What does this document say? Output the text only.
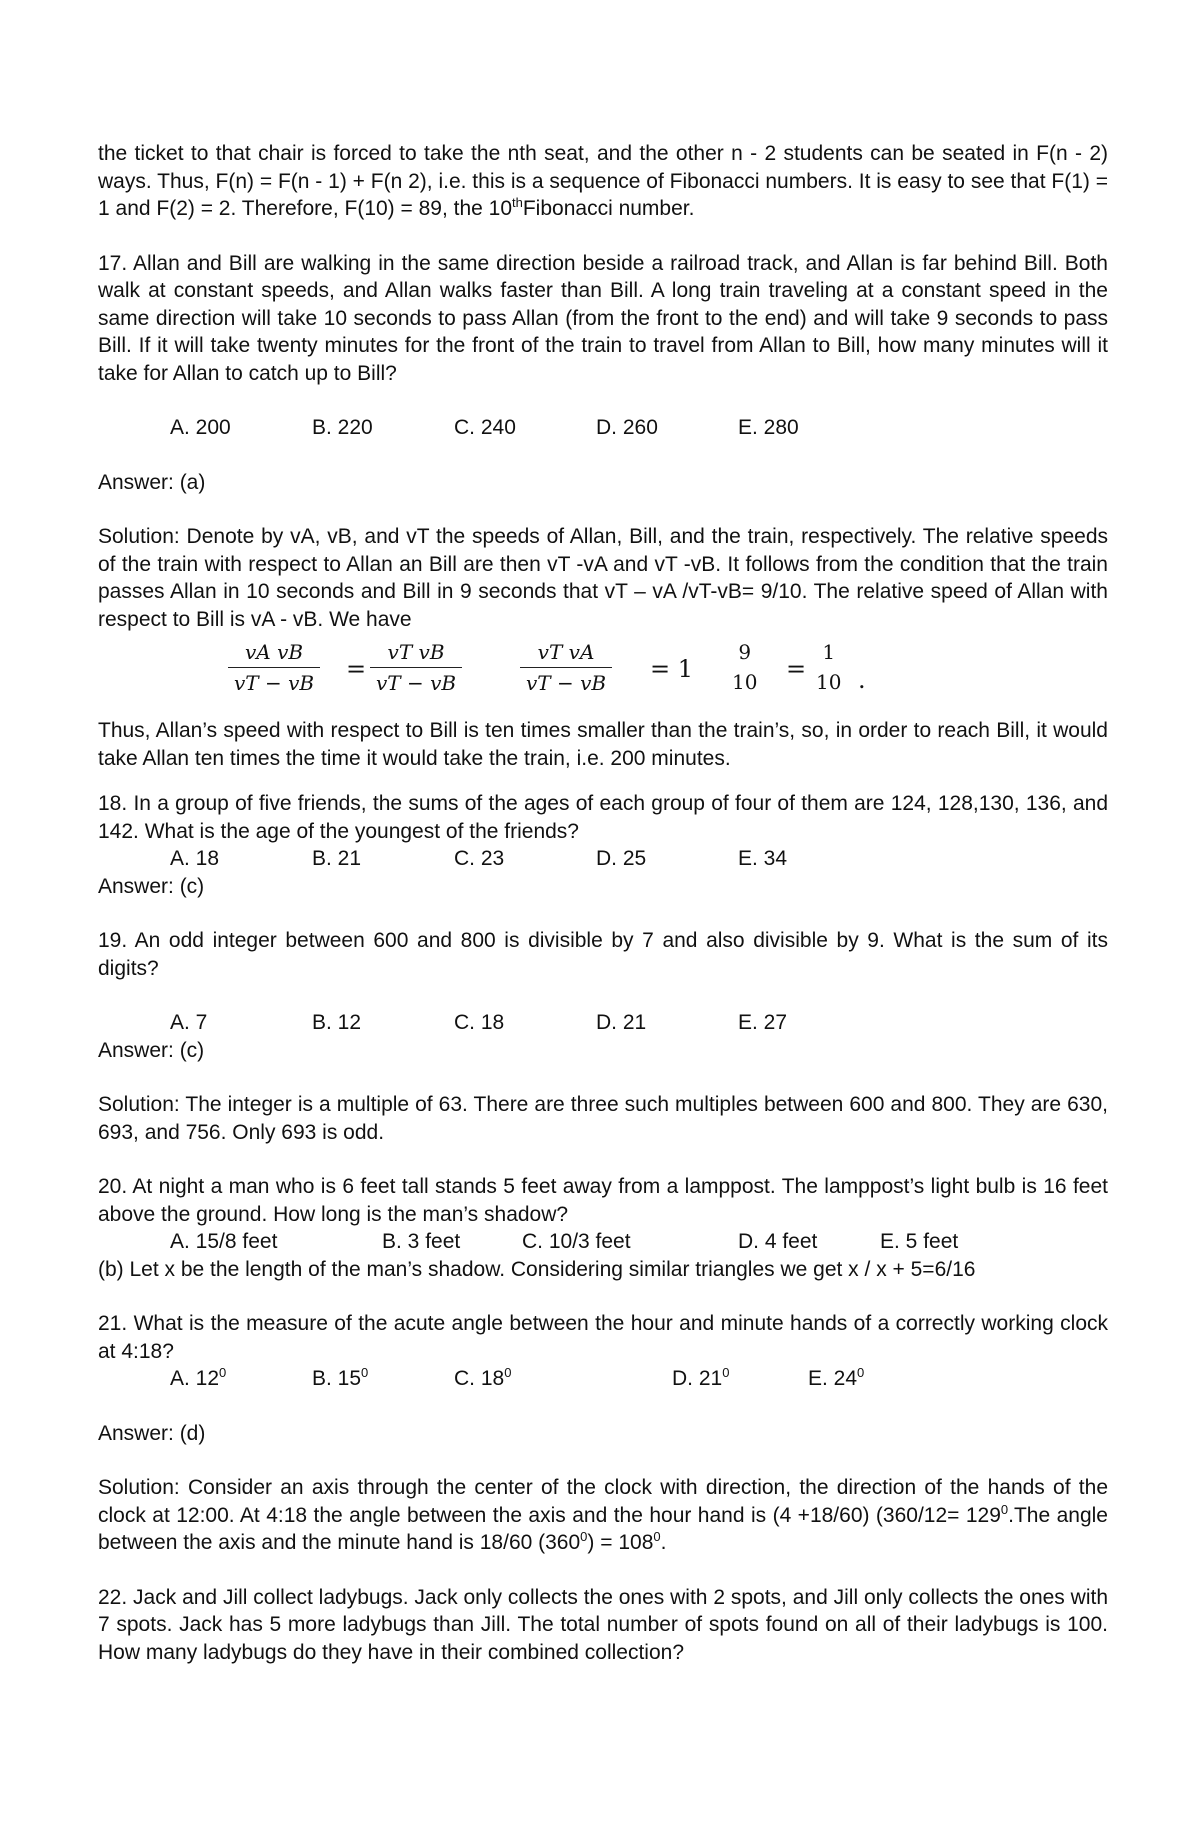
the ticket to that chair is forced to take the nth seat, and the other n - 2 students can be seated in F(n - 2) ways. Thus, F(n) = F(n - 1) + F(n 2), i.e. this is a sequence of Fibonacci numbers. It is easy to see that F(1) = 1 and F(2) = 2. Therefore, F(10) = 89, the 10thFibonacci number.

17. Allan and Bill are walking in the same direction beside a railroad track, and Allan is far behind Bill. Both walk at constant speeds, and Allan walks faster than Bill. A long train traveling at a constant speed in the same direction will take 10 seconds to pass Allan (from the front to the end) and will take 9 seconds to pass Bill. If it will take twenty minutes for the front of the train to travel from Allan to Bill, how many minutes will it take for Allan to catch up to Bill?

A. 200	B. 220	C. 240	D. 260	E. 280

Answer: (a)

Solution: Denote by vA, vB, and vT the speeds of Allan, Bill, and the train, respectively. The relative speeds of the train with respect to Allan an Bill are then vT -vA and vT -vB. It follows from the condition that the train passes Allan in 10 seconds and Bill in 9 seconds that vT – vA /vT-vB= 9/10. The relative speed of Allan with respect to Bill is vA - vB. We have

$\frac{\text{vA vB}}{vT - vB} = \frac{\text{vT vB}}{vT - vB}$	$\frac{\text{vT vA}}{vT - vB} = 1$
9
10 =
1
10 .

Thus, Allan’s speed with respect to Bill is ten times smaller than the train’s, so, in order to reach Bill, it would take Allan ten times the time it would take the train, i.e. 200 minutes.

18. In a group of five friends, the sums of the ages of each group of four of them are 124, 128,130, 136, and 142. What is the age of the youngest of the friends?

A. 18	B. 21	C. 23	D. 25	E. 34

Answer: (c)

19. An odd integer between 600 and 800 is divisible by 7 and also divisible by 9. What is the sum of its digits?

A. 7	B. 12	C. 18	D. 21	E. 27

Answer: (c)

Solution: The integer is a multiple of 63. There are three such multiples between 600 and 800. They are 630, 693, and 756. Only 693 is odd.

20. At night a man who is 6 feet tall stands 5 feet away from a lamppost. The lamppost’s light bulb is 16 feet above the ground. How long is the man’s shadow?

A. 15/8 feet	B. 3 feet	C. 10/3 feet	D. 4 feet	E. 5 feet

(b) Let x be the length of the man’s shadow. Considering similar triangles we get x / x + 5=6/16

21. What is the measure of the acute angle between the hour and minute hands of a correctly working clock at 4:18?

A. $12^0$	B. $15^0$	C. $18^0$	D. $21^0$	E. $24^0$

Answer: (d)

Solution: Consider an axis through the center of the clock with direction, the direction of the hands of the clock at 12:00. At 4:18 the angle between the axis and the hour hand is (4 +18/60) ($360/12= 129^0.The$ angle between the axis and the minute hand is 18/60 $(360^0) = 108^0$.

22. Jack and Jill collect ladybugs. Jack only collects the ones with 2 spots, and Jill only collects the ones with 7 spots. Jack has 5 more ladybugs than Jill. The total number of spots found on all of their ladybugs is 100. How many ladybugs do they have in their combined collection?
